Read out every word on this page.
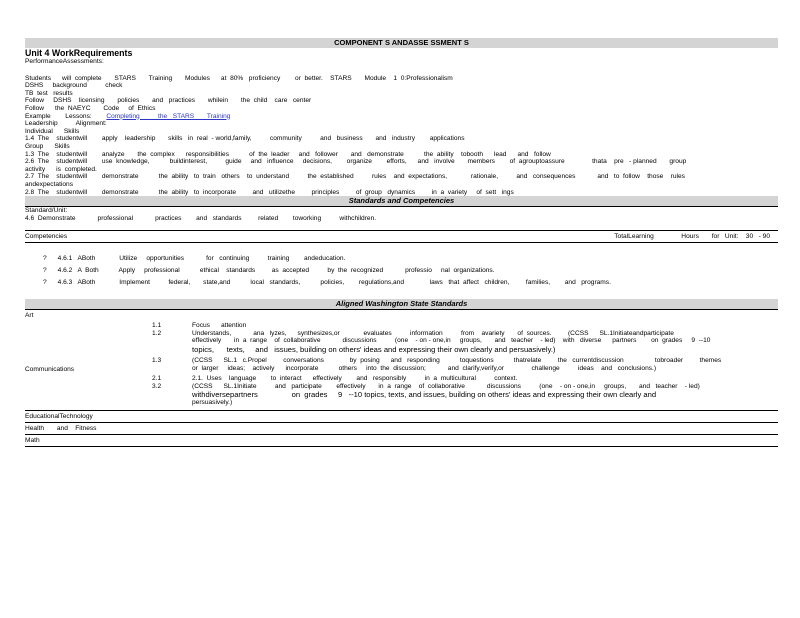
COMPONENT S ANDASSE SSMENT S
Unit 4 WorkRequirements
PerformanceAssessments:
Students      will  complete       STARS       Training       Modules      at  80%   proficiency        or  better.    STARS       Module    1  0:Professionalism
DSHS     background          check
TB  test   results
Follow     DSHS    licensing       policies       and   practices       whilein       the  child    care   center
Follow      the  NAEYC       Code     of  Ethics
Example        Lessons: Completing          the   STARS       Training
Leadership          Alignment:
Individual      Skills
1.4  The    studentwill        apply    leadership       skills   in  real  - world,family,          community          and   business       and   industry        applications
Group      Skills
1.3  The    studentwill        analyze       the  complex      responsibilities           of  the  leader     and   follower       and   demonstrate           the  ability    tobooth      lead      and   follow
2.6  The    studentwill        use  knowledge,           buildinterest,          guide     and   influence     decisions,        organize        efforts,      and   involve       members        of  agrouptoassure               thata    pre   - planned       group
activity      is  completed.
2.7  The    studentwill        demonstrate           the  ability   to  train   others    to  understand          the  established          rules    and  expectations,             rationale,          and   consequences            and   to  follow    those    rules
andexpectations
2.8  The    studentwill        demonstrate           the  ability   to  incorporate         and   utilizethe         principles         of  group   dynamics         in  a  variety     of  sett   ings
Standards and Competencies
Standard/Unit:
4.6  Demonstrate            professional            practices        and   standards         related        toworking          withchildren.
Competencies	TotalLearning               Hours       for   Unit:    30   - 90
?      4.6.1   ABoth             Utilize     opportunities            for   continuing          training        andeducation.
?      4.6.2   A  Both           Apply     professional           ethical    standards         as  accepted          by  the  recognized            professio     nal  organizations.
?      4.6.3   ABoth             Implement          federal,       state,and           local   standards,           policies,        regulations,and              laws   that  affect   children,         families,        and   programs.
Aligned Washington State Standards
Art
Communications
1.1	Focus      attention
1.2	Understands,            ana   lyzes,      synthesizes,or             evaluates          information          from    avariety       of  sources.         (CCSS      SL.1Initiateandparticipate
effectively       in  a  range    of  collaborative            discussions          (one    - on - one,in     groups,       and   teacher    - led)    with   diverse      partners        on  grades     9  --10
topics,      texts,     and   issues, building on others' ideas and expressing their own clearly and persuasively.)
1.3	(CCSS      SL.1   c.Propel         conversations              by  posing      and   responding           toquestions           thatrelate         the   currentdiscussion                 tobroader         themes
or  larger     ideas;    actively      incorporate           others     into  the  discussion;            and  clarify,verify,or               challenge          ideas    and   conclusions.)
2.1	2.1.  Uses    language        to  interact      effectively        and   responsibly          in  a  multicultural          context.
3.2	(CCSS      SL.1Initiate          and   participate        effectively       in  a  range    of  collaborative            discussions          (one    - on - one,in     groups,       and   teacher    - led)
withdiversepartners                on  grades     9   --10 topics, texts, and issues, building on others' ideas and expressing their own clearly and
persuasively.)
EducationalTechnology
Health       and    Fitness
Math
